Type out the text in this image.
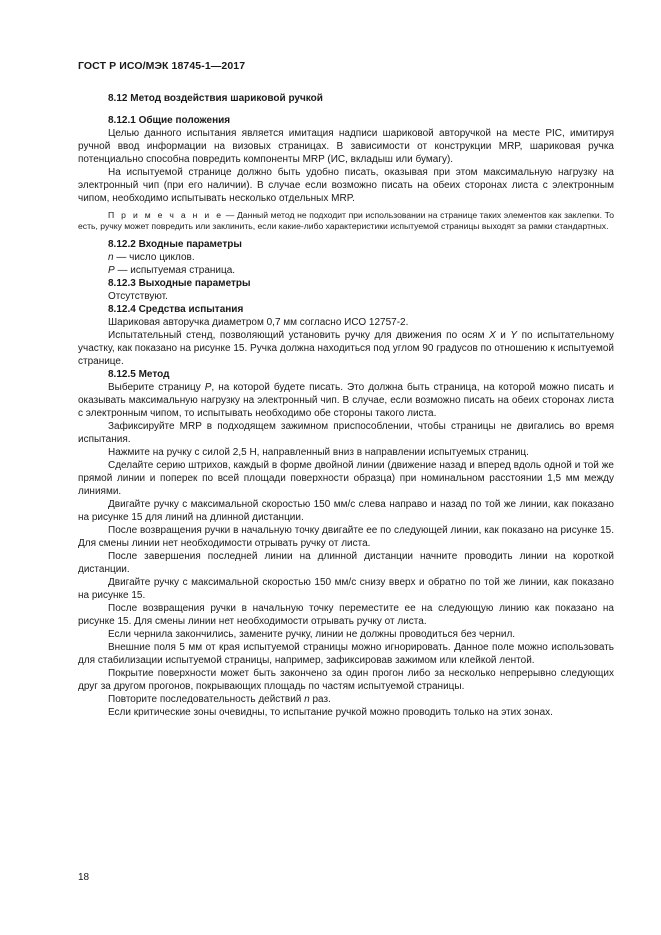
ГОСТ Р ИСО/МЭК 18745-1—2017

8.12 Метод воздействия шариковой ручкой

8.12.1 Общие положения

Целью данного испытания является имитация надписи шариковой авторучкой на месте PIC, имитируя ручной ввод информации на визовых страницах. В зависимости от конструкции MRP, шариковая ручка потенциально способна повредить компоненты MRP (ИС, вкладыш или бумагу).

На испытуемой странице должно быть удобно писать, оказывая при этом максимальную нагрузку на электронный чип (при его наличии). В случае если возможно писать на обеих сторонах листа с электронным чипом, необходимо испытывать несколько отдельных MRP.

П р и м е ч а н и е — Данный метод не подходит при использовании на странице таких элементов как заклепки. То есть, ручку может повредить или заклинить, если какие-либо характеристики испытуемой страницы выходят за рамки стандартных.

8.12.2 Входные параметры

n — число циклов.

P — испытуемая страница.

8.12.3 Выходные параметры

Отсутствуют.

8.12.4 Средства испытания

Шариковая авторучка диаметром 0,7 мм согласно ИСО 12757-2.

Испытательный стенд, позволяющий установить ручку для движения по осям X и Y по испытательному участку, как показано на рисунке 15. Ручка должна находиться под углом 90 градусов по отношению к испытуемой странице.

8.12.5 Метод

Выберите страницу P, на которой будете писать. Это должна быть страница, на которой можно писать и оказывать максимальную нагрузку на электронный чип. В случае, если возможно писать на обеих сторонах листа с электронным чипом, то испытывать необходимо обе стороны такого листа.

Зафиксируйте MRP в подходящем зажимном приспособлении, чтобы страницы не двигались во время испытания.

Нажмите на ручку с силой 2,5 Н, направленный вниз в направлении испытуемых страниц.

Сделайте серию штрихов, каждый в форме двойной линии (движение назад и вперед вдоль одной и той же прямой линии и поперек по всей площади поверхности образца) при номинальном расстоянии 1,5 мм между линиями.

Двигайте ручку с максимальной скоростью 150 мм/с слева направо и назад по той же линии, как показано на рисунке 15 для линий на длинной дистанции.

После возвращения ручки в начальную точку двигайте ее по следующей линии, как показано на рисунке 15. Для смены линии нет необходимости отрывать ручку от листа.

После завершения последней линии на длинной дистанции начните проводить линии на короткой дистанции.

Двигайте ручку с максимальной скоростью 150 мм/с снизу вверх и обратно по той же линии, как показано на рисунке 15.

После возвращения ручки в начальную точку переместите ее на следующую линию как показано на рисунке 15. Для смены линии нет необходимости отрывать ручку от листа.

Если чернила закончились, замените ручку, линии не должны проводиться без чернил.

Внешние поля 5 мм от края испытуемой страницы можно игнорировать. Данное поле можно использовать для стабилизации испытуемой страницы, например, зафиксировав зажимом или клейкой лентой.

Покрытие поверхности может быть закончено за один прогон либо за несколько непрерывно следующих друг за другом прогонов, покрывающих площадь по частям испытуемой страницы.

Повторите последовательность действий n раз.

Если критические зоны очевидны, то испытание ручкой можно проводить только на этих зонах.

18
